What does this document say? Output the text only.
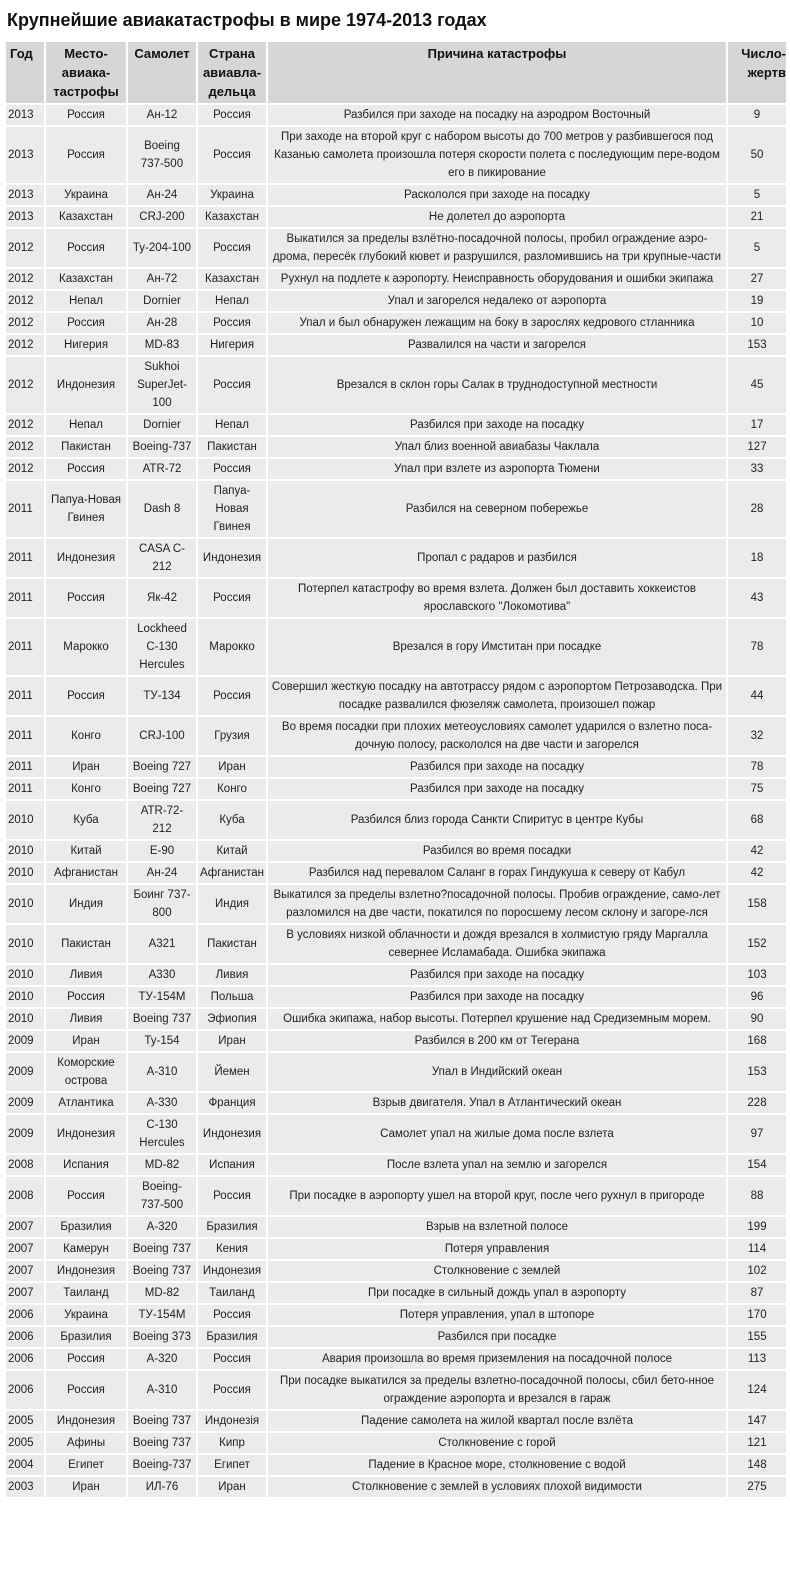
Крупнейшие авиакатастрофы в мире 1974-2013 годах
Год	Место-
авиака-
тастрофы	Самолет	Страна
авиавла-
дельца	Причина катастрофы	Число-
жертв
2013	Россия	Ан-12	Россия	Разбился при заходе на посадку на аэродром Восточный	9
2013	Россия	Boeing
737-500	Россия	При заходе на второй круг с набором высоты до 700 метров у разбившегося под Казанью самолета произошла потеря скорости полета с последующим пере-водом его в пикирование	50
2013	Украина	Ан-24	Украина	Раскололся при заходе на посадку	5
2013	Казахстан	CRJ-200	Казахстан	Не долетел до аэропорта	21
2012	Россия	Ту-204-100	Россия	Выкатился за пределы взлётно-посадочной полосы, пробил ограждение аэро-дрома, пересёк глубокий кювет и разрушился, разломившись на три крупные-части	5
2012	Казахстан	Ан-72	Казахстан	Рухнул на подлете к аэропорту. Неисправность оборудования и ошибки экипажа	27
2012	Непал	Dornier	Непал	Упал и загорелся недалеко от аэропорта	19
2012	Россия	Ан-28	Россия	Упал и был обнаружен лежащим на боку в зарослях кедрового стланника	10
2012	Нигерия	MD-83	Нигерия	Развалился на части и загорелся	153
2012	Индонезия	Sukhoi
SuperJet-
100	Россия	Врезался в склон горы Салак в труднодоступной местности	45
2012	Непал	Dornier	Непал	Разбился при заходе на посадку	17
2012	Пакистан	Boeing-737	Пакистан	Упал близ военной авиабазы Чаклала	127
2012	Россия	ATR-72	Россия	Упал при взлете из аэропорта Тюмени	33
2011	Папуа-Новая
Гвинея	Dash 8	Папуа-Новая
Гвинея	Разбился на северном побережье	28
2011	Индонезия	CASA C-
212	Индонезия	Пропал с радаров и разбился	18
2011	Россия	Як-42	Россия	Потерпел катастрофу во время взлета. Должен был доставить хоккеистов ярославского "Локомотива"	43
2011	Марокко	Lockheed
C-130
Hercules	Марокко	Врезался в гору Имститан при посадке	78
2011	Россия	ТУ-134	Россия	Совершил жесткую посадку на автотрассу рядом с аэропортом Петрозаводска. При посадке развалился фюзеляж самолета, произошел пожар	44
2011	Конго	CRJ-100	Грузия	Во время посадки при плохих метеоусловиях самолет ударился о взлетно поса-дочную полосу, раскололся на две части и загорелся	32
2011	Иран	Boeing 727	Иран	Разбился при заходе на посадку	78
2011	Конго	Boeing 727	Конго	Разбился при заходе на посадку	75
2010	Куба	ATR-72-
212	Куба	Разбился близ города Санкти Спиритус в центре Кубы	68
2010	Китай	E-90	Китай	Разбился во время посадки	42
2010	Афганистан	Ан-24	Афганистан	Разбился над перевалом Саланг в горах Гиндукуша к северу от Кабул	42
2010	Индия	Боинг 737-
800	Индия	Выкатился за пределы взлетно?посадочной полосы. Пробив ограждение, само-лет разломился на две части, покатился по поросшему лесом склону и загоре-лся	158
2010	Пакистан	A321	Пакистан	В условиях низкой облачности и дождя врезался в холмистую гряду Маргалла севернее Исламабада. Ошибка экипажа	152
2010	Ливия	A330	Ливия	Разбился при заходе на посадку	103
2010	Россия	ТУ-154М	Польша	Разбился при заходе на посадку	96
2010	Ливия	Boeing 737	Эфиопия	Ошибка экипажа, набор высоты. Потерпел крушение над Средиземным морем.	90
2009	Иран	Ту-154	Иран	Разбился в 200 км от Тегерана	168
2009	Коморские
острова	A-310	Йемен	Упал в Индийский океан	153
2009	Атлантика	A-330	Франция	Взрыв двигателя. Упал в Атлантический океан	228
2009	Индонезия	C-130
Hercules	Индонезия	Самолет упал на жилые дома после взлета	97
2008	Испания	MD-82	Испания	После взлета упал на землю и загорелся	154
2008	Россия	Boeing-
737-500	Россия	При посадке в аэропорту ушел на второй круг, после чего рухнул в пригороде	88
2007	Бразилия	A-320	Бразилия	Взрыв на взлетной полосе	199
2007	Камерун	Boeing 737	Кения	Потеря управления	114
2007	Индонезия	Boeing 737	Индонезия	Столкновение с землей	102
2007	Таиланд	MD-82	Таиланд	При посадке в сильный дождь упал в аэропорту	87
2006	Украина	ТУ-154М	Россия	Потеря управления, упал в штопоре	170
2006	Бразилия	Boeing 373	Бразилия	Разбился при посадке	155
2006	Россия	A-320	Россия	Авария произошла во время приземления на посадочной полосе	113
2006	Россия	A-310	Россия	При посадке выкатился за пределы взлетно-посадочной полосы, сбил бето-нное ограждение аэропорта и врезался в гараж	124
2005	Индонезия	Boeing 737	Индонезія	Падение самолета на жилой квартал после взлёта	147
2005	Афины	Boeing 737	Кипр	Столкновение с горой	121
2004	Египет	Boeing-737	Египет	Падение в Красное море, столкновение с водой	148
2003	Иран	ИЛ-76	Иран	Столкновение с землей в условиях плохой видимости	275
